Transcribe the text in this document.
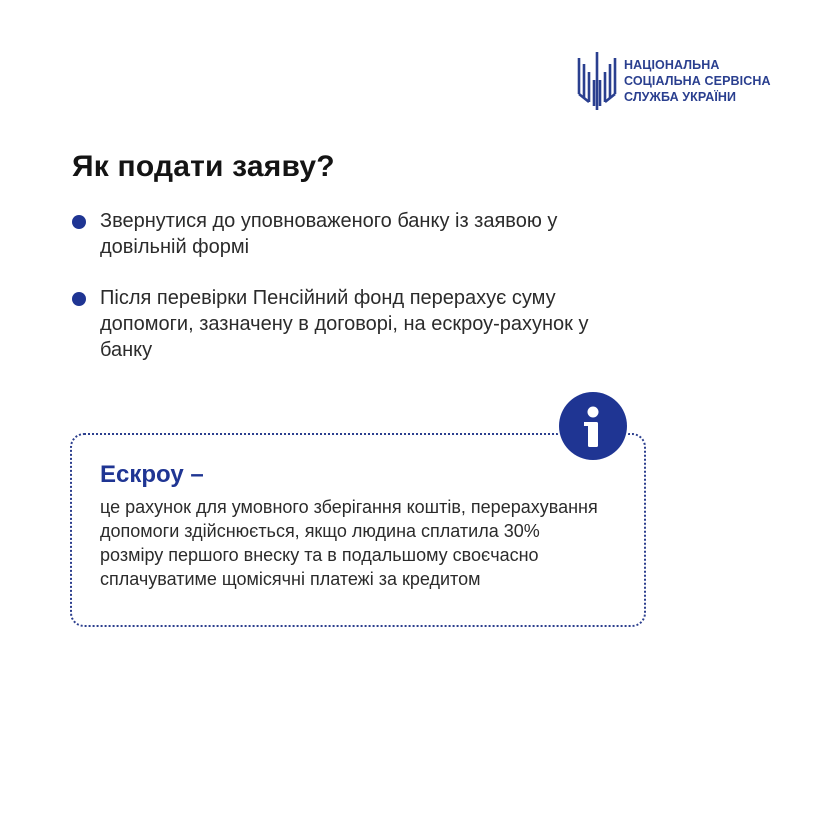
НАЦІОНАЛЬНА
СОЦІАЛЬНА СЕРВІСНА
СЛУЖБА УКРАЇНИ
Як подати заяву?
Звернутися до уповноваженого банку із заявою у довільній формі
Після перевірки Пенсійний фонд перерахує суму допомоги, зазначену в договорі, на ескроу-рахунок у банку
Ескроу –

це рахунок для умовного зберігання коштів, перерахування допомоги здійснюється, якщо людина сплатила 30% розміру першого внеску та в подальшому своєчасно сплачуватиме щомісячні платежі за кредитом
